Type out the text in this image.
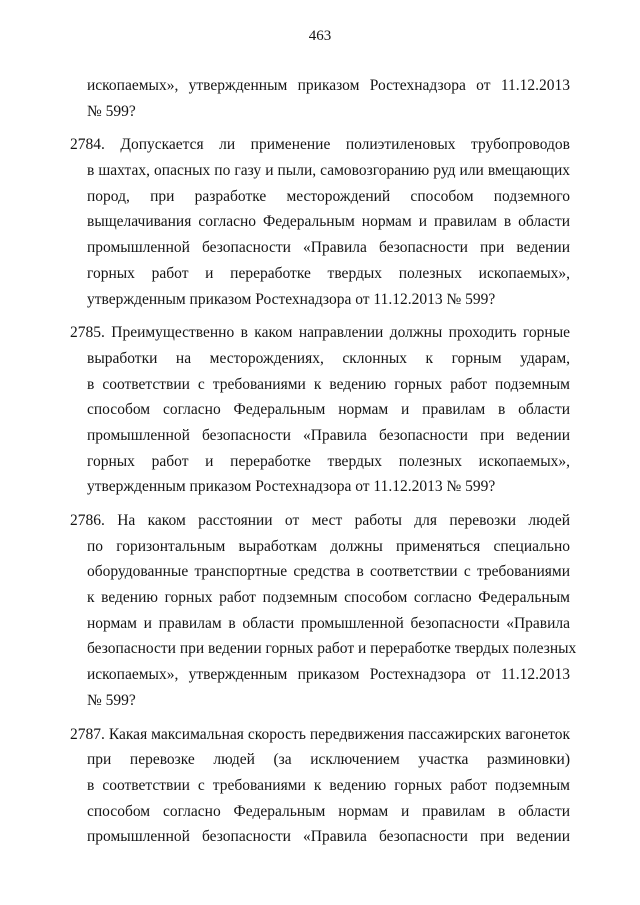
463
ископаемых», утвержденным приказом Ростехнадзора от 11.12.2013
№ 599?
2784. Допускается ли применение полиэтиленовых трубопроводов
в шахтах, опасных по газу и пыли, самовозгоранию руд или вмещающих
пород, при разработке месторождений способом подземного
выщелачивания согласно Федеральным нормам и правилам в области
промышленной безопасности «Правила безопасности при ведении
горных работ и переработке твердых полезных ископаемых»,
утвержденным приказом Ростехнадзора от 11.12.2013 № 599?
2785. Преимущественно в каком направлении должны проходить горные
выработки на месторождениях, склонных к горным ударам,
в соответствии с требованиями к ведению горных работ подземным
способом согласно Федеральным нормам и правилам в области
промышленной безопасности «Правила безопасности при ведении
горных работ и переработке твердых полезных ископаемых»,
утвержденным приказом Ростехнадзора от 11.12.2013 № 599?
2786. На каком расстоянии от мест работы для перевозки людей
по горизонтальным выработкам должны применяться специально
оборудованные транспортные средства в соответствии с требованиями
к ведению горных работ подземным способом согласно Федеральным
нормам и правилам в области промышленной безопасности «Правила
безопасности при ведении горных работ и переработке твердых полезных
ископаемых», утвержденным приказом Ростехнадзора от 11.12.2013
№ 599?
2787. Какая максимальная скорость передвижения пассажирских вагонеток
при перевозке людей (за исключением участка разминовки)
в соответствии с требованиями к ведению горных работ подземным
способом согласно Федеральным нормам и правилам в области
промышленной безопасности «Правила безопасности при ведении
